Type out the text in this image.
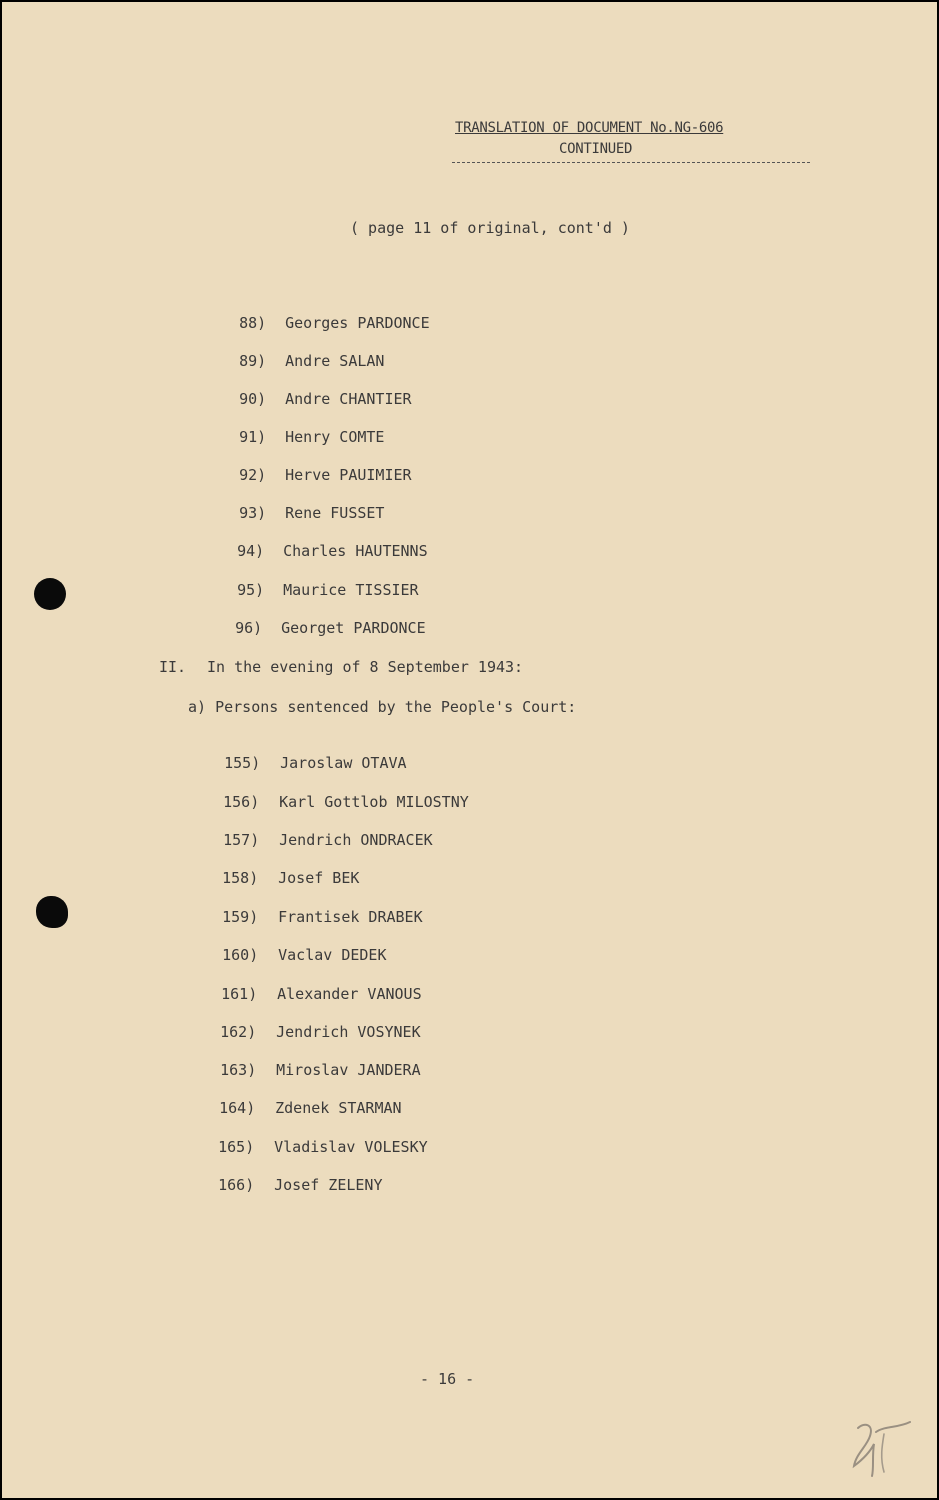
TRANSLATION OF DOCUMENT No.NG-606
CONTINUED
( page 11 of original, cont'd )

88) Georges PARDONCE

89) Andre SALAN

90) Andre CHANTIER

91) Henry COMTE

92) Herve PAUIMIER

93) Rene FUSSET

94) Charles HAUTENNS

95) Maurice TISSIER

96) Georget PARDONCE

II. In the evening of 8 September 1943:
a) Persons sentenced by the People's Court:

155) Jaroslaw OTAVA

156) Karl Gottlob MILOSTNY

157) Jendrich ONDRACEK

158) Josef BEK

159) Frantisek DRABEK

160) Vaclav DEDEK

161) Alexander VANOUS

162) Jendrich VOSYNEK

163) Miroslav JANDERA

164) Zdenek STARMAN

165) Vladislav VOLESKY

166) Josef ZELENY

- 16 -
